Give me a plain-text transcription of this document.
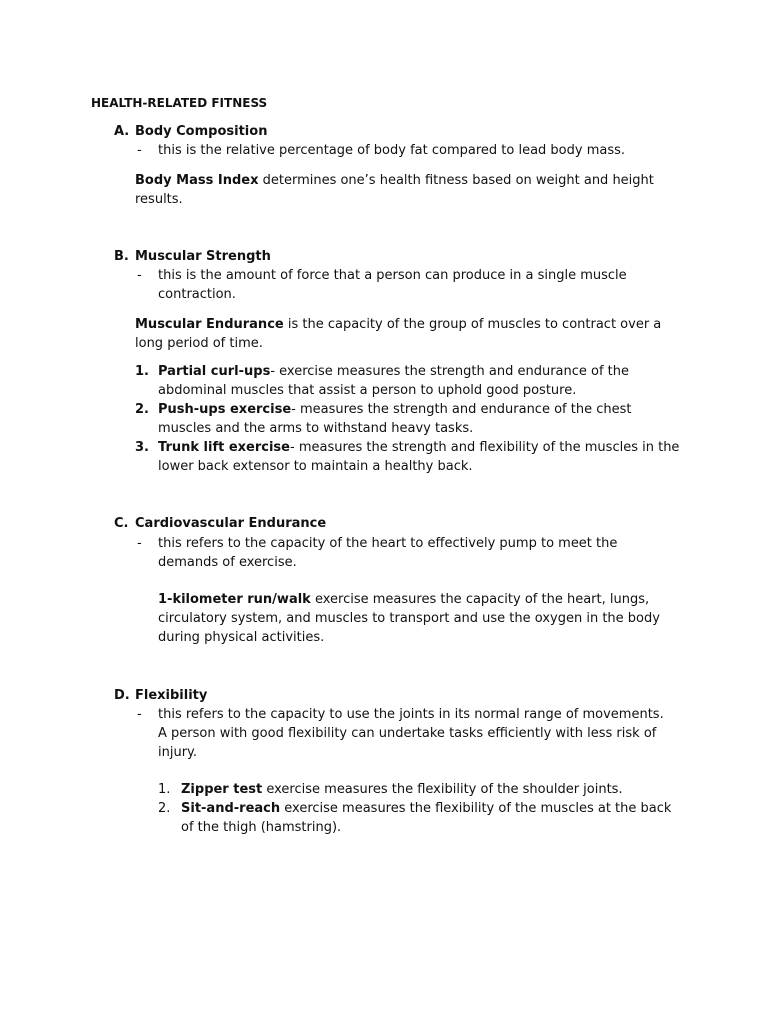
HEALTH-RELATED FITNESS
A. Body Composition
- this is the relative percentage of body fat compared to lead body mass.
Body Mass Index determines one’s health fitness based on weight and height
results.
B. Muscular Strength
- this is the amount of force that a person can produce in a single muscle
contraction.
Muscular Endurance is the capacity of the group of muscles to contract over a
long period of time.
1. Partial curl-ups- exercise measures the strength and endurance of the
abdominal muscles that assist a person to uphold good posture.
2. Push-ups exercise- measures the strength and endurance of the chest
muscles and the arms to withstand heavy tasks.
3. Trunk lift exercise- measures the strength and flexibility of the muscles in the
lower back extensor to maintain a healthy back.
C. Cardiovascular Endurance
- this refers to the capacity of the heart to effectively pump to meet the
demands of exercise.
1-kilometer run/walk exercise measures the capacity of the heart, lungs,
circulatory system, and muscles to transport and use the oxygen in the body
during physical activities.
D. Flexibility
- this refers to the capacity to use the joints in its normal range of movements.
A person with good flexibility can undertake tasks efficiently with less risk of
injury.
1. Zipper test exercise measures the flexibility of the shoulder joints.
2. Sit-and-reach exercise measures the flexibility of the muscles at the back
of the thigh (hamstring).
